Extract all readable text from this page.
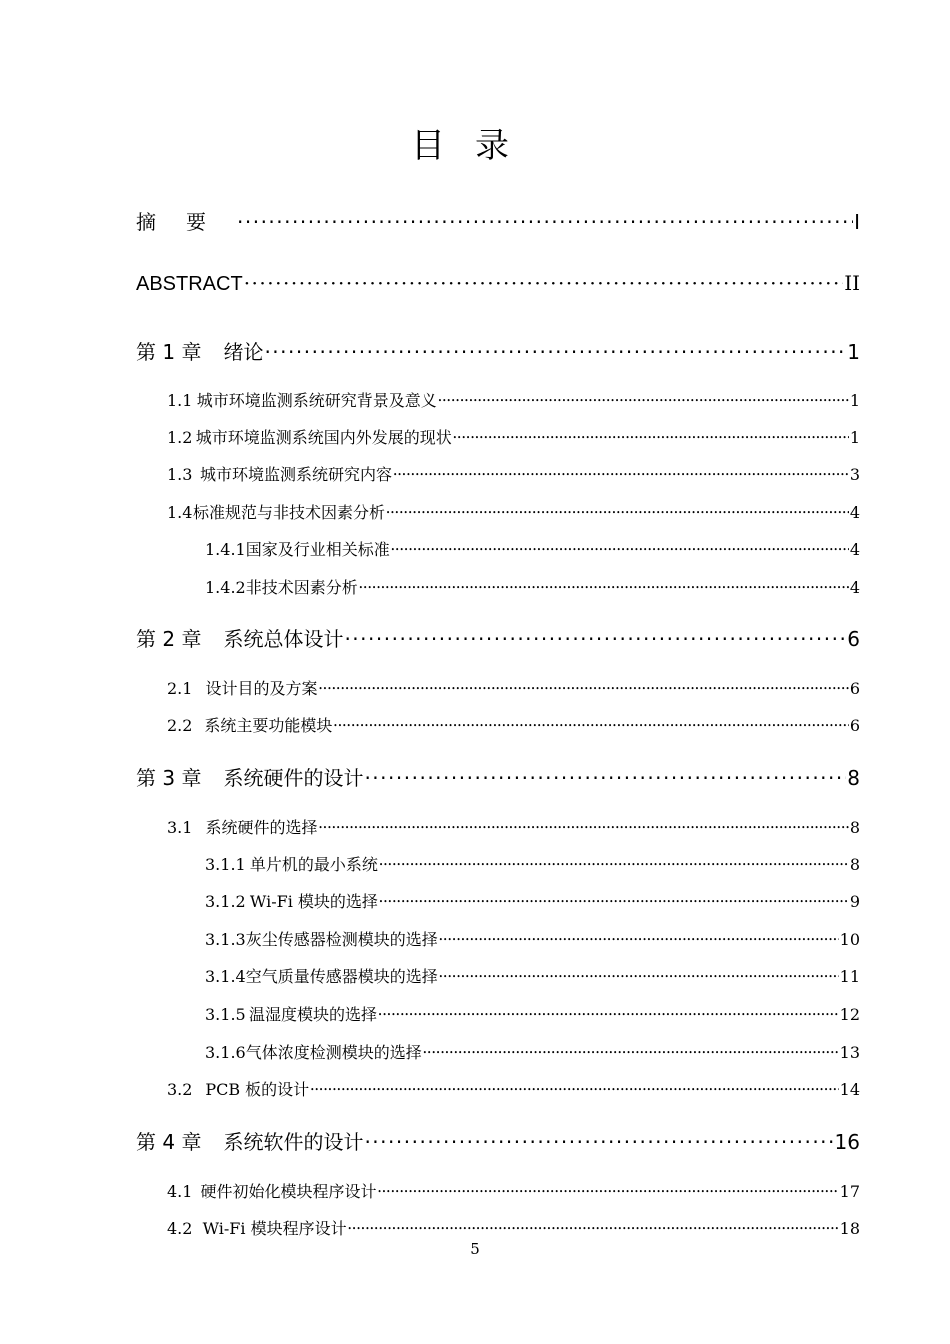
目录
摘要 ·····	I
ABSTRACT ·····	II
第 1 章 绪论 ·····	1
1.1 城市环境监测系统研究背景及意义 •••••	1
1.2 城市环境监测系统国内外发展的现状 •••••	1
1.3 城市环境监测系统研究内容 •••••	3
1.4 标准规范与非技术因素分析 •••••	4
1.4.1 国家及行业相关标准 •••••	4
1.4.2 非技术因素分析 •••••	4
第 2 章 系统总体设计 ·····	6
2.1 设计目的及方案 •••••	6
2.2 系统主要功能模块 •••••	6
第 3 章 系统硬件的设计 ·····	8
3.1 系统硬件的选择 •••••	8
3.1.1 单片机的最小系统 •••••	8
3.1.2 Wi-Fi 模块的选择 •••••	9
3.1.3 灰尘传感器检测模块的选择 •••••	10
3.1.4 空气质量传感器模块的选择 •••••	11
3.1.5 温湿度模块的选择 •••••	12
3.1.6 气体浓度检测模块的选择 •••••	13
3.2 PCB 板的设计 •••••	14
第 4 章 系统软件的设计 ·····	16
4.1 硬件初始化模块程序设计 •••••	17
4.2 Wi-Fi 模块程序设计 •••••	18
5
